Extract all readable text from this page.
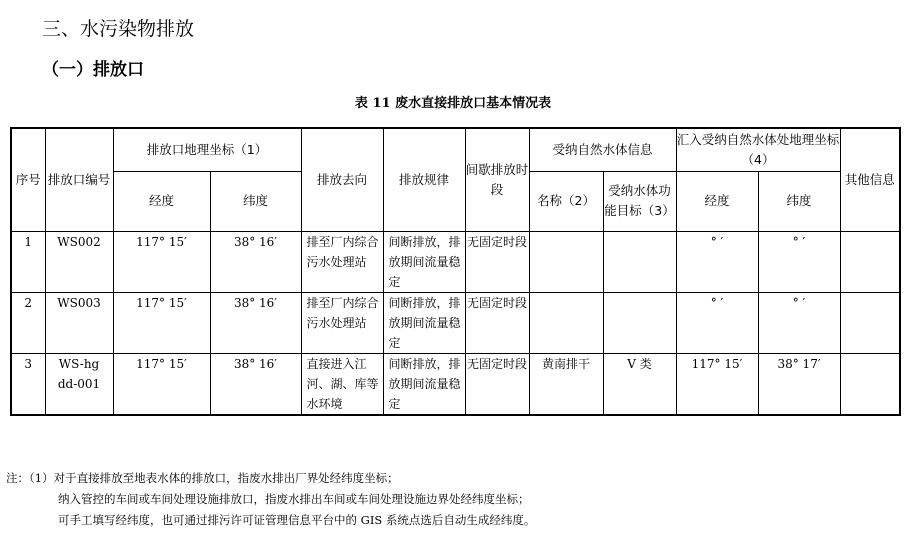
三、水污染物排放
（一）排放口
表 11 废水直接排放口基本情况表
序号	排放口编号	排放口地理坐标（1）		排放去向	排放规律	间歇排放时段	受纳自然水体信息		汇入受纳自然水体处地理坐标（4）		其他信息
		经度	纬度				名称（2）	受纳水体功能目标（3）	经度	纬度	
1	WS002	117° 15′	38° 16′	排至厂内综合污水处理站	间断排放，排放期间流量稳定	无固定时段			° ′	° ′	
2	WS003	117° 15′	38° 16′	排至厂内综合污水处理站	间断排放，排放期间流量稳定	无固定时段			° ′	° ′	
3	WS-hgdd-001	117° 15′	38° 16′	直接进入江河、湖、库等水环境	间断排放，排放期间流量稳定	无固定时段	黄南排干	V 类	117° 15′	38° 17′	
注：（1）对于直接排放至地表水体的排放口，指废水排出厂界处经纬度坐标；
纳入管控的车间或车间处理设施排放口，指废水排出车间或车间处理设施边界处经纬度坐标；
可手工填写经纬度，也可通过排污许可证管理信息平台中的 GIS 系统点选后自动生成经纬度。
